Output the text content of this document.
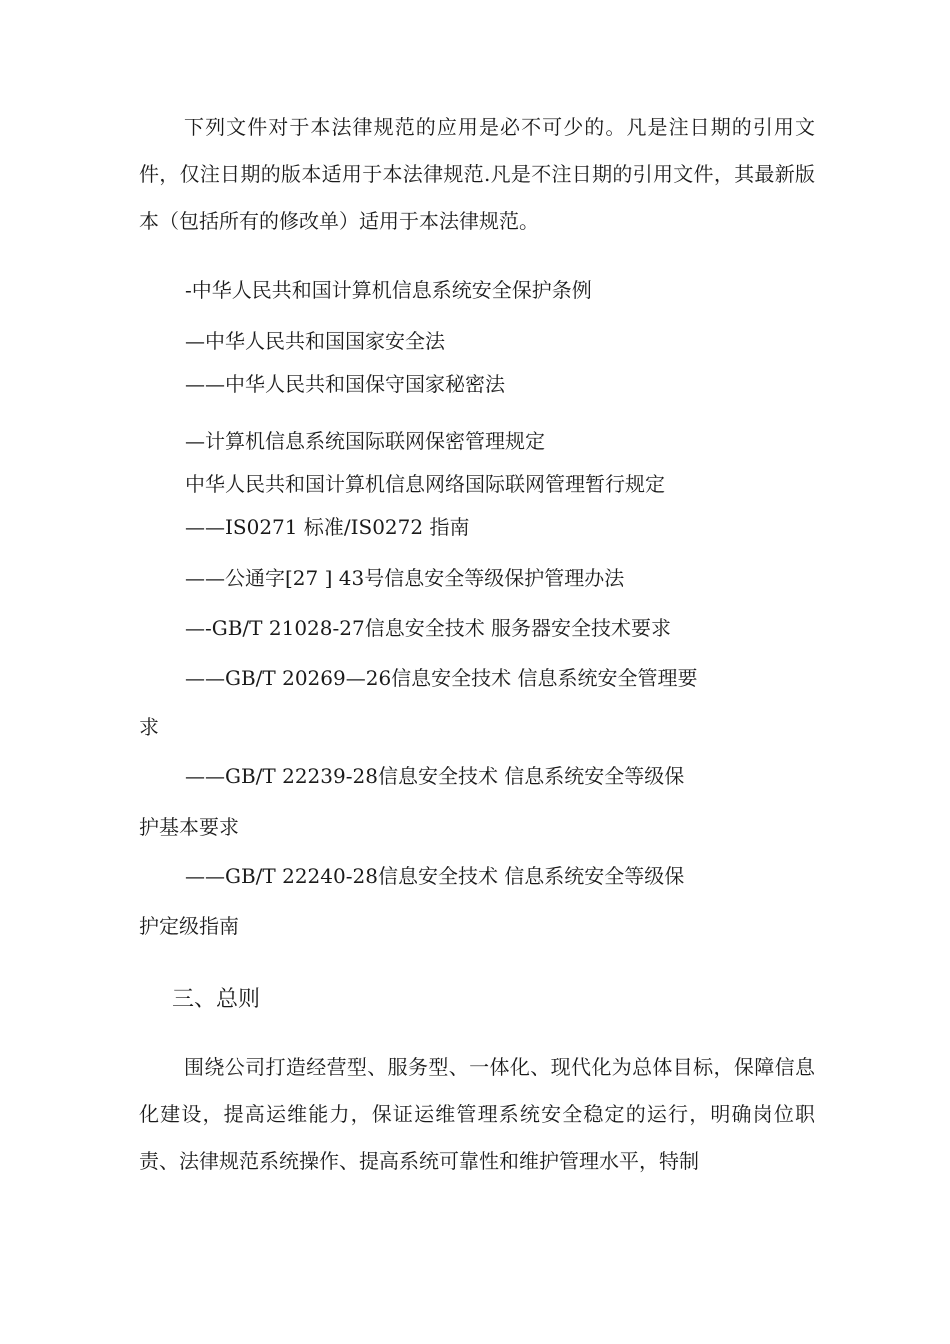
下列文件对于本法律规范的应用是必不可少的。凡是注日期的引用文件，仅注日期的版本适用于本法律规范.凡是不注日期的引用文件，其最新版本（包括所有的修改单）适用于本法律规范。

-中华人民共和国计算机信息系统安全保护条例
—中华人民共和国国家安全法
——中华人民共和国保守国家秘密法
—计算机信息系统国际联网保密管理规定
中华人民共和国计算机信息网络国际联网管理暂行规定
——IS0271 标准/IS0272 指南
——公通字[27 ] 43号信息安全等级保护管理办法
—-GB/T 21028-27信息安全技术 服务器安全技术要求
——GB/T 20269—26信息安全技术 信息系统安全管理要
求
——GB/T 22239-28信息安全技术 信息系统安全等级保
护基本要求
——GB/T 22240-28信息安全技术 信息系统安全等级保
护定级指南
三、总则

围绕公司打造经营型、服务型、一体化、现代化为总体目标，保障信息化建设，提高运维能力，保证运维管理系统安全稳定的运行，明确岗位职责、法律规范系统操作、提高系统可靠性和维护管理水平，特制
